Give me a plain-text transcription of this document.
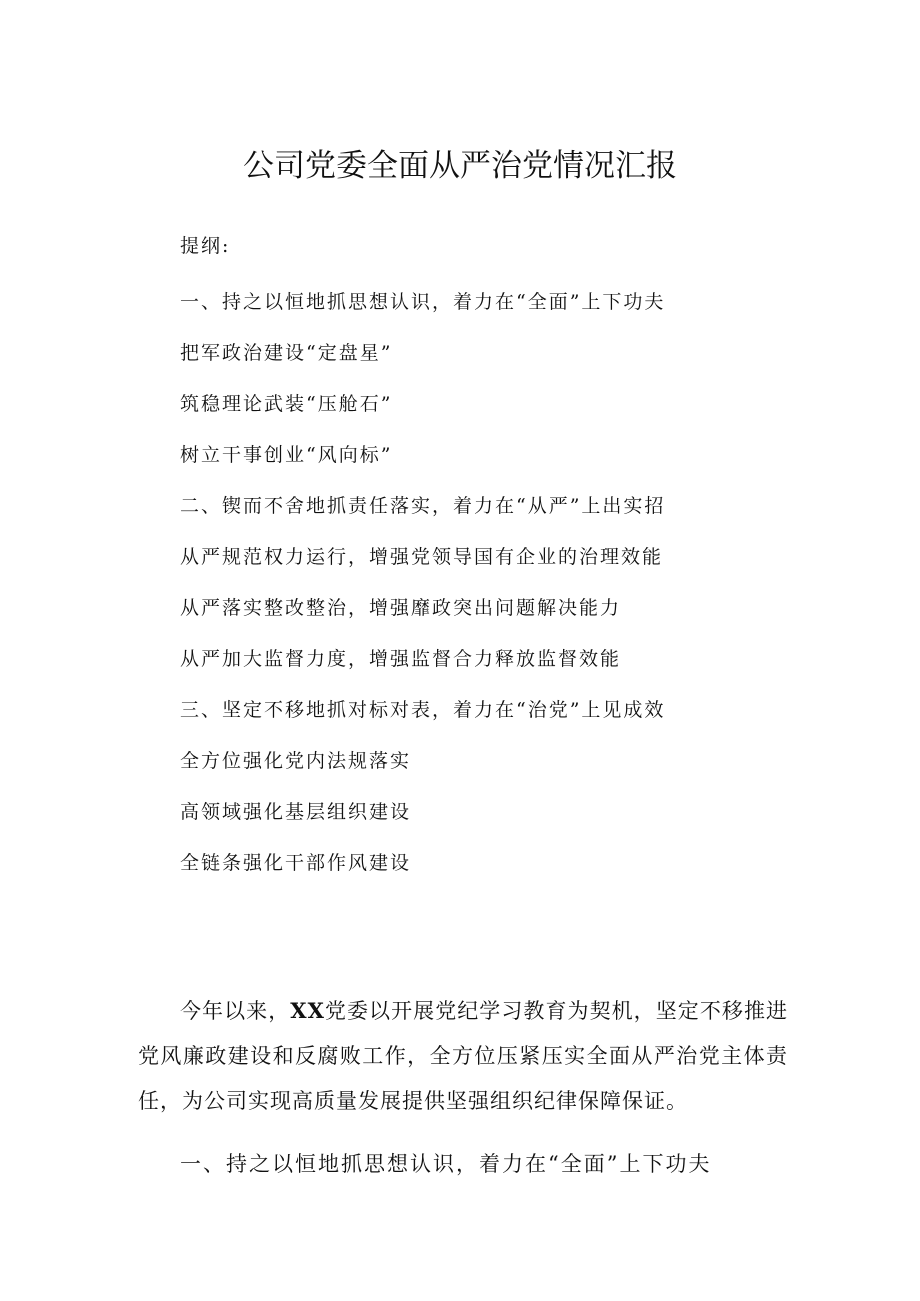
公司党委全面从严治党情况汇报
提纲:
一、持之以恒地抓思想认识，着力在“全面”上下功夫
把军政治建设“定盘星”
筑稳理论武装“压舱石”
树立干事创业“风向标”
二、锲而不舍地抓责任落实，着力在“从严”上出实招
从严规范权力运行，增强党领导国有企业的治理效能
从严落实整改整治，增强靡政突出问题解决能力
从严加大监督力度，增强监督合力释放监督效能
三、坚定不移地抓对标对表，着力在“治党”上见成效
全方位强化党内法规落实
高领域强化基层组织建设
全链条强化干部作风建设

今年以来，XX党委以开展党纪学习教育为契机，坚定不移推进党风廉政建设和反腐败工作，全方位压紧压实全面从严治党主体责任，为公司实现高质量发展提供坚强组织纪律保障保证。

一、持之以恒地抓思想认识，着力在“全面”上下功夫
